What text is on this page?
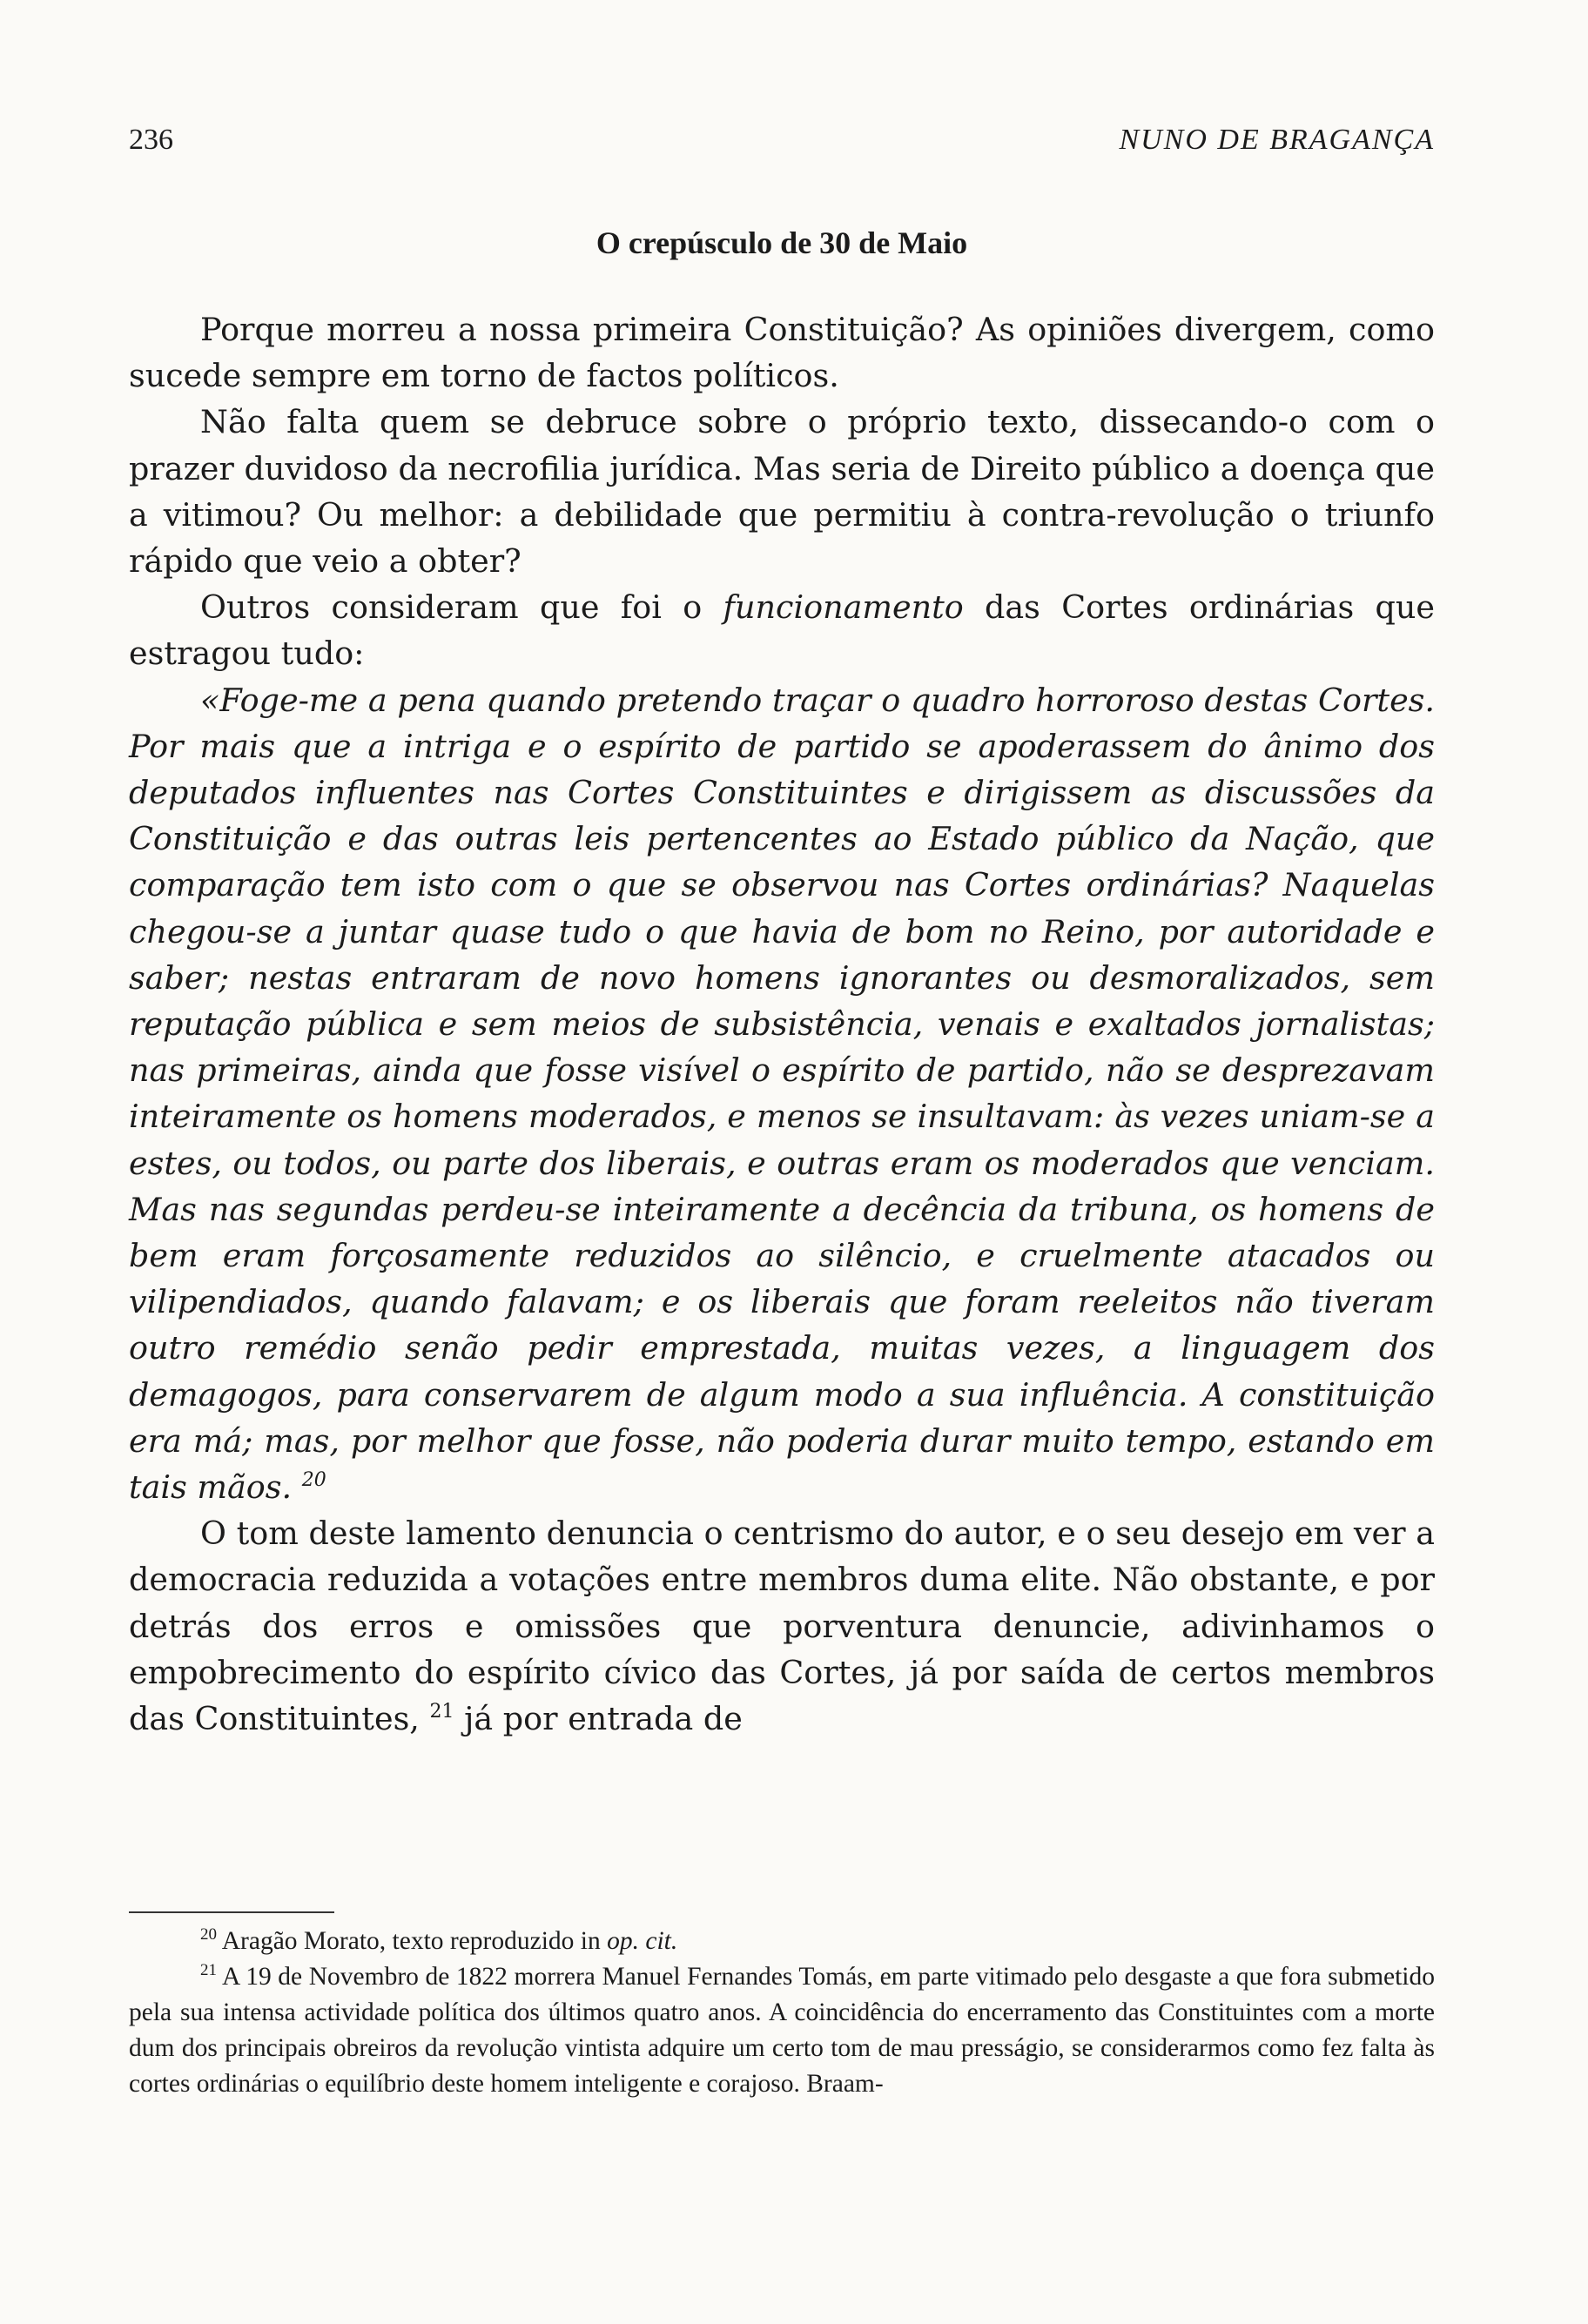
236	NUNO DE BRAGANÇA
O crepúsculo de 30 de Maio

Porque morreu a nossa primeira Constituição? As opiniões divergem, como sucede sempre em torno de factos políticos.

Não falta quem se debruce sobre o próprio texto, dissecando-o com o prazer duvidoso da necrofilia jurídica. Mas seria de Direito público a doença que a vitimou? Ou melhor: a debilidade que permitiu à contra-revolução o triunfo rápido que veio a obter?

Outros consideram que foi o funcionamento das Cortes ordinárias que estragou tudo:

«Foge-me a pena quando pretendo traçar o quadro horroroso destas Cortes. Por mais que a intriga e o espírito de partido se apoderassem do ânimo dos deputados influentes nas Cortes Constituintes e dirigissem as discussões da Constituição e das outras leis pertencentes ao Estado público da Nação, que comparação tem isto com o que se observou nas Cortes ordinárias? Naquelas chegou-se a juntar quase tudo o que havia de bom no Reino, por autoridade e saber; nestas entraram de novo homens ignorantes ou desmoralizados, sem reputação pública e sem meios de subsistência, venais e exaltados jornalistas; nas primeiras, ainda que fosse visível o espírito de partido, não se desprezavam inteiramente os homens moderados, e menos se insultavam: às vezes uniam-se a estes, ou todos, ou parte dos liberais, e outras eram os moderados que venciam. Mas nas segundas perdeu-se inteiramente a decência da tribuna, os homens de bem eram forçosamente reduzidos ao silêncio, e cruelmente atacados ou vilipendiados, quando falavam; e os liberais que foram reeleitos não tiveram outro remédio senão pedir emprestada, muitas vezes, a linguagem dos demagogos, para conservarem de algum modo a sua influência. A constituição era má; mas, por melhor que fosse, não poderia durar muito tempo, estando em tais mãos. $^{20}$

O tom deste lamento denuncia o centrismo do autor, e o seu desejo em ver a democracia reduzida a votações entre membros duma elite. Não obstante, e por detrás dos erros e omissões que porventura denuncie, adivinhamos o empobrecimento do espírito cívico das Cortes, já por saída de certos membros das Constituintes, $^{21}$ já por entrada de

$^{20}$ Aragão Morato, texto reproduzido in op. cit.

$^{21}$ A 19 de Novembro de 1822 morrera Manuel Fernandes Tomás, em parte vitimado pelo desgaste a que fora submetido pela sua intensa actividade política dos últimos quatro anos. A coincidência do encerramento das Constituintes com a morte dum dos principais obreiros da revolução vintista adquire um certo tom de mau presságio, se considerarmos como fez falta às cortes ordinárias o equilíbrio deste homem inteligente e corajoso. Braam-
